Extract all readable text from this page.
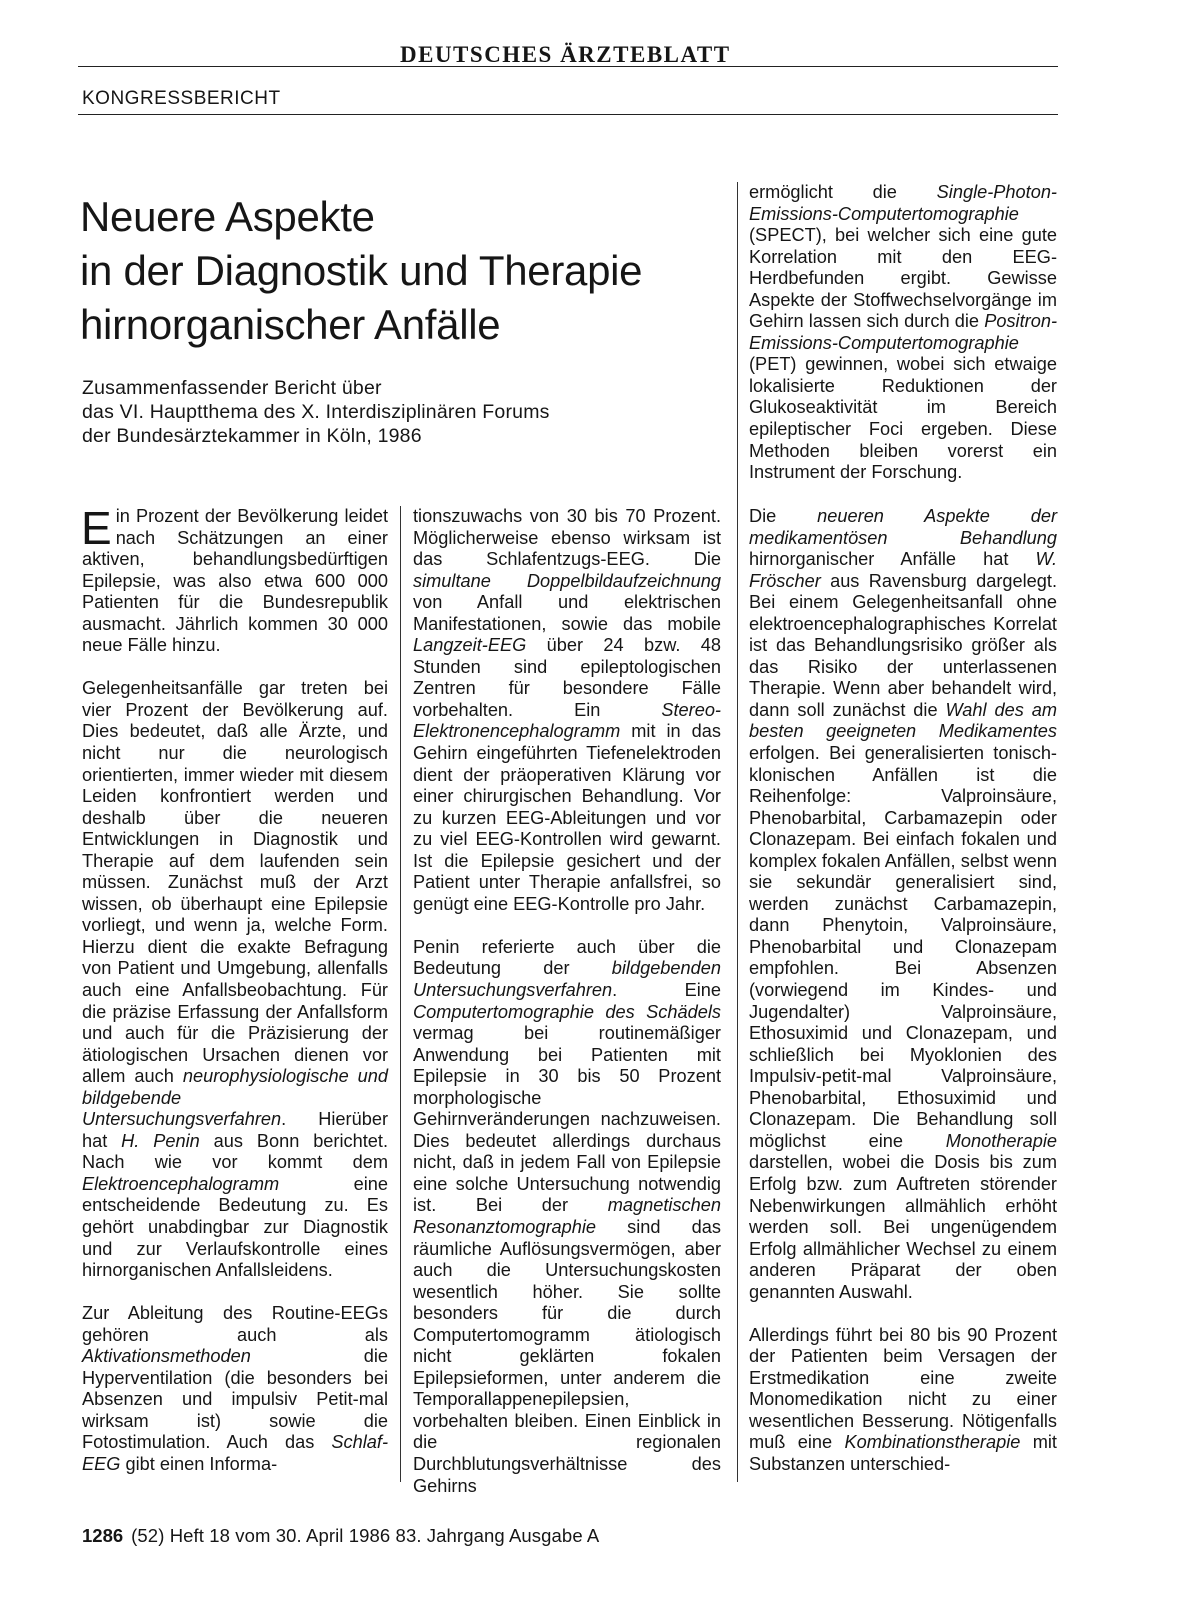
DEUTSCHES ÄRZTEBLATT
KONGRESSBERICHT
Neuere Aspekte
in der Diagnostik und Therapie
hirnorganischer Anfälle
Zusammenfassender Bericht über
das VI. Hauptthema des X. Interdisziplinären Forums
der Bundesärztekammer in Köln, 1986

Ein Prozent der Bevölkerung leidet nach Schätzungen an einer aktiven, behandlungsbedürftigen Epilepsie, was also etwa 600 000 Patienten für die Bundesrepublik ausmacht. Jährlich kommen 30 000 neue Fälle hinzu.

Gelegenheitsanfälle gar treten bei vier Prozent der Bevölkerung auf. Dies bedeutet, daß alle Ärzte, und nicht nur die neurologisch orientierten, immer wieder mit diesem Leiden konfrontiert werden und deshalb über die neueren Entwicklungen in Diagnostik und Therapie auf dem laufenden sein müssen. Zunächst muß der Arzt wissen, ob überhaupt eine Epilepsie vorliegt, und wenn ja, welche Form. Hierzu dient die exakte Befragung von Patient und Umgebung, allenfalls auch eine Anfallsbeobachtung. Für die präzise Erfassung der Anfallsform und auch für die Präzisierung der ätiologischen Ursachen dienen vor allem auch neurophysiologische und bildgebende Untersuchungsverfahren. Hierüber hat H. Penin aus Bonn berichtet. Nach wie vor kommt dem Elektroencephalogramm eine entscheidende Bedeutung zu. Es gehört unabdingbar zur Diagnostik und zur Verlaufskontrolle eines hirnorganischen Anfallsleidens.

Zur Ableitung des Routine-EEGs gehören auch als Aktivationsmethoden die Hyperventilation (die besonders bei Absenzen und impulsiv Petit-mal wirksam ist) sowie die Fotostimulation. Auch das Schlaf-EEG gibt einen Informa-

tionszuwachs von 30 bis 70 Prozent. Möglicherweise ebenso wirksam ist das Schlafentzugs-EEG. Die simultane Doppelbildaufzeichnung von Anfall und elektrischen Manifestationen, sowie das mobile Langzeit-EEG über 24 bzw. 48 Stunden sind epileptologischen Zentren für besondere Fälle vorbehalten. Ein Stereo-Elektronencephalogramm mit in das Gehirn eingeführten Tiefenelektroden dient der präoperativen Klärung vor einer chirurgischen Behandlung. Vor zu kurzen EEG-Ableitungen und vor zu viel EEG-Kontrollen wird gewarnt. Ist die Epilepsie gesichert und der Patient unter Therapie anfallsfrei, so genügt eine EEG-Kontrolle pro Jahr.

Penin referierte auch über die Bedeutung der bildgebenden Untersuchungsverfahren. Eine Computertomographie des Schädels vermag bei routinemäßiger Anwendung bei Patienten mit Epilepsie in 30 bis 50 Prozent morphologische Gehirnveränderungen nachzuweisen. Dies bedeutet allerdings durchaus nicht, daß in jedem Fall von Epilepsie eine solche Untersuchung notwendig ist. Bei der magnetischen Resonanztomographie sind das räumliche Auflösungsvermögen, aber auch die Untersuchungskosten wesentlich höher. Sie sollte besonders für die durch Computertomogramm ätiologisch nicht geklärten fokalen Epilepsieformen, unter anderem die Temporallappenepilepsien, vorbehalten bleiben. Einen Einblick in die regionalen Durchblutungsverhältnisse des Gehirns

ermöglicht die Single-Photon-Emissions-Computertomographie (SPECT), bei welcher sich eine gute Korrelation mit den EEG-Herdbefunden ergibt. Gewisse Aspekte der Stoffwechselvorgänge im Gehirn lassen sich durch die Positron-Emissions-Computertomographie (PET) gewinnen, wobei sich etwaige lokalisierte Reduktionen der Glukoseaktivität im Bereich epileptischer Foci ergeben. Diese Methoden bleiben vorerst ein Instrument der Forschung.

Die neueren Aspekte der medikamentösen Behandlung hirnorganischer Anfälle hat W. Fröscher aus Ravensburg dargelegt. Bei einem Gelegenheitsanfall ohne elektroencephalographisches Korrelat ist das Behandlungsrisiko größer als das Risiko der unterlassenen Therapie. Wenn aber behandelt wird, dann soll zunächst die Wahl des am besten geeigneten Medikamentes erfolgen. Bei generalisierten tonisch-klonischen Anfällen ist die Reihenfolge: Valproinsäure, Phenobarbital, Carbamazepin oder Clonazepam. Bei einfach fokalen und komplex fokalen Anfällen, selbst wenn sie sekundär generalisiert sind, werden zunächst Carbamazepin, dann Phenytoin, Valproinsäure, Phenobarbital und Clonazepam empfohlen. Bei Absenzen (vorwiegend im Kindes- und Jugendalter) Valproinsäure, Ethosuximid und Clonazepam, und schließlich bei Myoklonien des Impulsiv-petit-mal Valproinsäure, Phenobarbital, Ethosuximid und Clonazepam. Die Behandlung soll möglichst eine Monotherapie darstellen, wobei die Dosis bis zum Erfolg bzw. zum Auftreten störender Nebenwirkungen allmählich erhöht werden soll. Bei ungenügendem Erfolg allmählicher Wechsel zu einem anderen Präparat der oben genannten Auswahl.

Allerdings führt bei 80 bis 90 Prozent der Patienten beim Versagen der Erstmedikation eine zweite Monomedikation nicht zu einer wesentlichen Besserung. Nötigenfalls muß eine Kombinationstherapie mit Substanzen unterschied-

1286 (52) Heft 18 vom 30. April 1986 83. Jahrgang Ausgabe A
